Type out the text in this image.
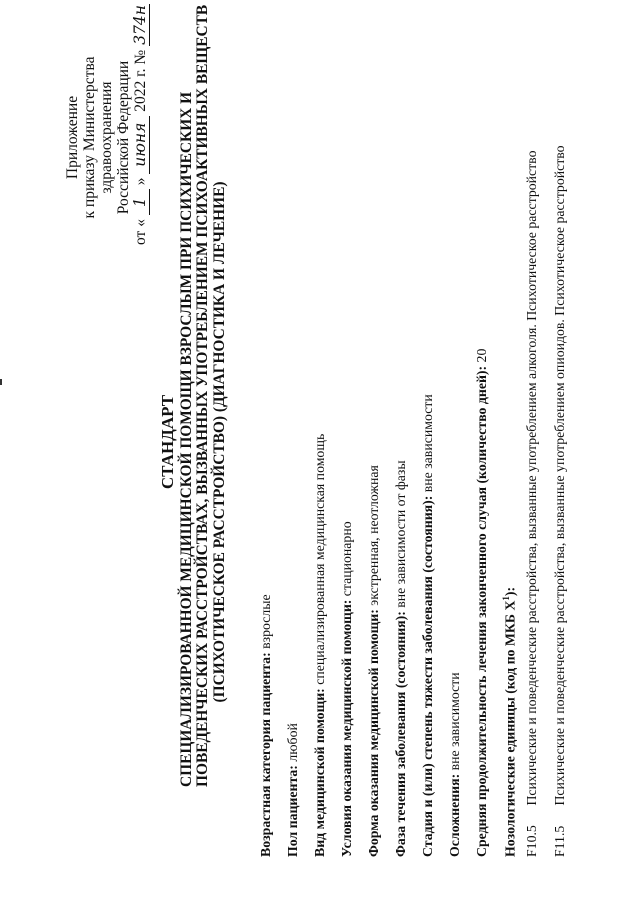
Приложение к приказу Министерства здравоохранения Российской Федерации
от « 1 » июня 2022 г. № 374н
СТАНДАРТ СПЕЦИАЛИЗИРОВАННОЙ МЕДИЦИНСКОЙ ПОМОЩИ ВЗРОСЛЫМ ПРИ ПСИХИЧЕСКИХ И ПОВЕДЕНЧЕСКИХ РАССТРОЙСТВАХ, ВЫЗВАННЫХ УПОТРЕБЛЕНИЕМ ПСИХОАКТИВНЫХ ВЕЩЕСТВ (ПСИХОТИЧЕСКОЕ РАССТРОЙСТВО) (ДИАГНОСТИКА И ЛЕЧЕНИЕ)
Возрастная категория пациента: взрослые
Пол пациента: любой Вид медицинской помощи: специализированная медицинская помощь
Условия оказания медицинской помощи: стационарно
Форма оказания медицинской помощи: экстренная, неотложная
Фаза течения заболевания (состояния): вне зависимости от фазы Стадия и (или) степень тяжести заболевания (состояния): вне зависимости
Осложнения: вне зависимости Средняя продолжительность лечения законченного случая (количество дней): 20
Нозологические единицы (код по МКБ $X^1$):
F10.5 Психические и поведенческие расстройства, вызванные употреблением алкоголя. Психотическое расстройство
F11.5 Психические и поведенческие расстройства, вызванные употреблением опиоидов. Психотическое расстройство
